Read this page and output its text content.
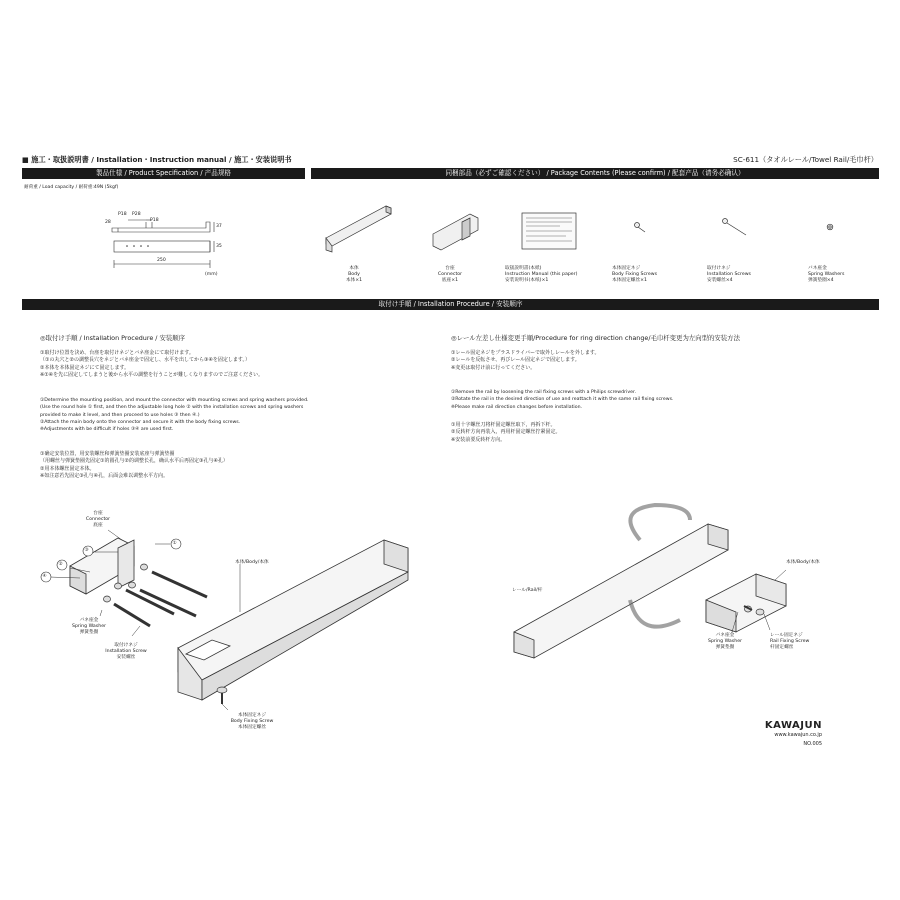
■ 施工・取扱説明書 / Installation・Instruction manual / 施工・安装说明书	SC-611（タオルレール/Towel Rail/毛巾杆）
製品仕様 / Product Specification / 产品规格	同梱部品（必ずご確認ください） / Package Contents (Please confirm) / 配套产品（请务必确认）
耐荷重 / Load capacity / 耐荷重:49N (5kgf)
28
P18 P28
P18
250
37
35
(mm)
本体
Body
本体×1
台座
Connector
底座×1
取扱説明書(本紙)
Instruction Manual (this paper)
安装说明书(本纸)×1
本体固定ネジ
Body Fixing Screws
本体固定螺丝×1
取付けネジ
Installation Screws
安装螺丝×4
バネ座金
Spring Washers
弹簧垫圈×4
取付け手順 / Installation Procedure / 安装顺序
◎取付け手順 / Installation Procedure / 安装顺序
①取付け位置を決め、台座を取付けネジとバネ座金にて取付けます。
（①の丸穴と②の調整長穴をネジとバネ座金で固定し、水平を出してから③④を固定します。）
②本体を本体固定ネジにて固定します。
※①④を先に固定してしまうと後から水平の調整を行うことが難しくなりますのでご注意ください。
①Determine the mounting position, and mount the connector with mounting screws and spring washers provided.
(Use the round hole ① first, and then the adjustable long hole ② with the installation screws and spring washers
provided to make it level, and then proceed to use holes ③ then ④.)
②Attach the main body onto the connector and secure it with the body fixing screws.
※Adjustments with be difficult if holes ③④ are used first.
①确定安装位置，用安装螺丝和弹簧垫圈安装底座与弹簧垫圈
（用螺丝与弹簧垫圈先固定①的圆孔与②的调整长孔，确认水平后再固定③孔与④孔）
②用本体螺丝固定本体。
※如注意若先固定③孔与④孔，后面会难以调整水平方向。
◎レール左差し仕様変更手順/Procedure for ring direction change/毛巾杆变更为左向型的安装方法
①レール固定ネジをプラスドライバーで取外しレールを外します。
②レールを反転させ、再びレール固定ネジで固定します。
※変更は取付け前に行ってください。
①Remove the rail by loosening the rail fixing screws with a Philips screwdriver.
②Rotate the rail in the desired direction of use and reattach it with the same rail fixing screws.
※Please make rail direction changes before installation.
①用十字螺丝刀将杆固定螺丝取下，再拆下杆。
②反转杆方向再装入，再用杆固定螺丝拧紧固定。
※安装前要反转杆方向。
①
②
③
④
台座
Connector
底座
本体/Body/本体
バネ座金
Spring Washer
弹簧垫圈
取付けネジ
Installation Screw
安装螺丝
本体固定ネジ
Body Fixing Screw
本体固定螺丝
レール/Rail/杆
本体/Body/本体
バネ座金
Spring Washer
弹簧垫圈
レール固定ネジ
Rail Fixing Screw
杆固定螺丝
KAWAJUN
www.kawajun.co.jp
NO.005
